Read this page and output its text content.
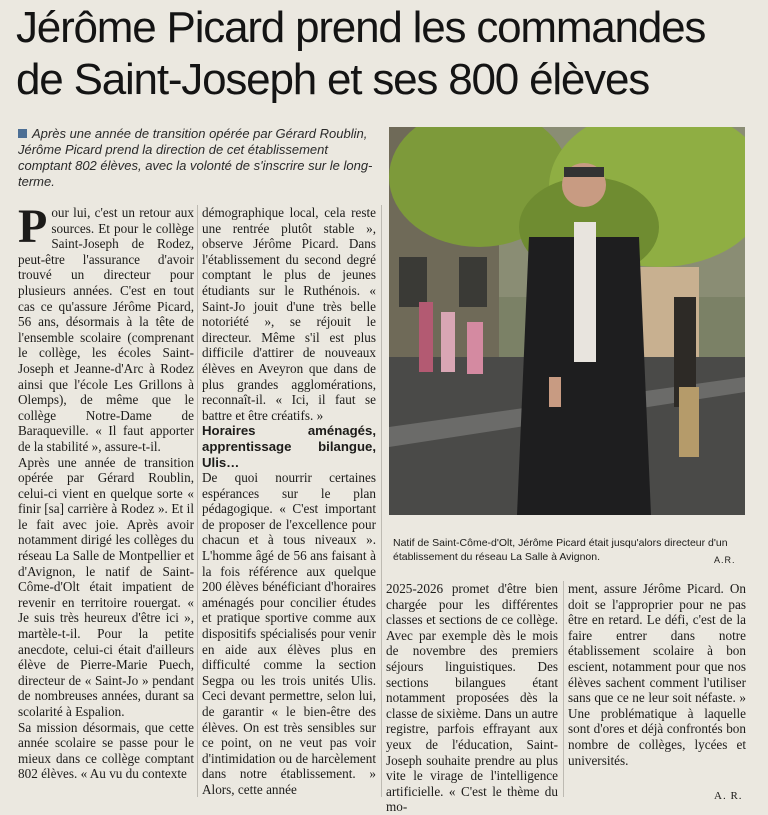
Jérôme Picard prend les commandes de Saint-Joseph et ses 800 élèves

Après une année de transition opérée par Gérard Roublin, Jérôme Picard prend la direction de cet établissement comptant 802 élèves, avec la volonté de s'inscrire sur le long-terme.

Pour lui, c'est un retour aux sources. Et pour le collège Saint-Joseph de Rodez, peut-être l'assurance d'avoir trouvé un directeur pour plusieurs années. C'est en tout cas ce qu'assure Jérôme Picard, 56 ans, désormais à la tête de l'ensemble scolaire (comprenant le collège, les écoles Saint-Joseph et Jeanne-d'Arc à Rodez ainsi que l'école Les Grillons à Olemps), de même que le collège Notre-Dame de Baraqueville. « Il faut apporter de la stabilité », assure-t-il.

Après une année de transition opérée par Gérard Roublin, celui-ci vient en quelque sorte « finir [sa] carrière à Rodez ». Et il le fait avec joie. Après avoir notamment dirigé les collèges du réseau La Salle de Montpellier et d'Avignon, le natif de Saint-Côme-d'Olt était impatient de revenir en territoire rouergat. « Je suis très heureux d'être ici », martèle-t-il. Pour la petite anecdote, celui-ci était d'ailleurs élève de Pierre-Marie Puech, directeur de « Saint-Jo » pendant de nombreuses années, durant sa scolarité à Espalion.

Sa mission désormais, que cette année scolaire se passe pour le mieux dans ce collège comptant 802 élèves. « Au vu du contexte

démographique local, cela reste une rentrée plutôt stable », observe Jérôme Picard. Dans l'établissement du second degré comptant le plus de jeunes étudiants sur le Ruthénois. « Saint-Jo jouit d'une très belle notoriété », se réjouit le directeur. Même s'il est plus difficile d'attirer de nouveaux élèves en Aveyron que dans de plus grandes agglomérations, reconnaît-il. « Ici, il faut se battre et être créatifs. »

Horaires aménagés, apprentissage bilangue, Ulis…

De quoi nourrir certaines espérances sur le plan pédagogique. « C'est important de proposer de l'excellence pour chacun et à tous niveaux ». L'homme âgé de 56 ans faisant à la fois référence aux quelque 200 élèves bénéficiant d'horaires aménagés pour concilier études et pratique sportive comme aux dispositifs spécialisés pour venir en aide aux élèves plus en difficulté comme la section Segpa ou les trois unités Ulis. Ceci devant permettre, selon lui, de garantir « le bien-être des élèves. On est très sensibles sur ce point, on ne veut pas voir d'intimidation ou de harcèlement dans notre établissement. » Alors, cette année

Natif de Saint-Côme-d'Olt, Jérôme Picard était jusqu'alors directeur d'un établissement du réseau La Salle à Avignon.	A.R.

2025-2026 promet d'être bien chargée pour les différentes classes et sections de ce collège. Avec par exemple dès le mois de novembre des premiers séjours linguistiques. Des sections bilangues étant notamment proposées dès la classe de sixième. Dans un autre registre, parfois effrayant aux yeux de l'éducation, Saint-Joseph souhaite prendre au plus vite le virage de l'intelligence artificielle. « C'est le thème du mo-

ment, assure Jérôme Picard. On doit se l'approprier pour ne pas être en retard. Le défi, c'est de la faire entrer dans notre établissement scolaire à bon escient, notamment pour que nos élèves sachent comment l'utiliser sans que ce ne leur soit néfaste. » Une problématique à laquelle sont d'ores et déjà confrontés bon nombre de collèges, lycées et universités.

A. R.
